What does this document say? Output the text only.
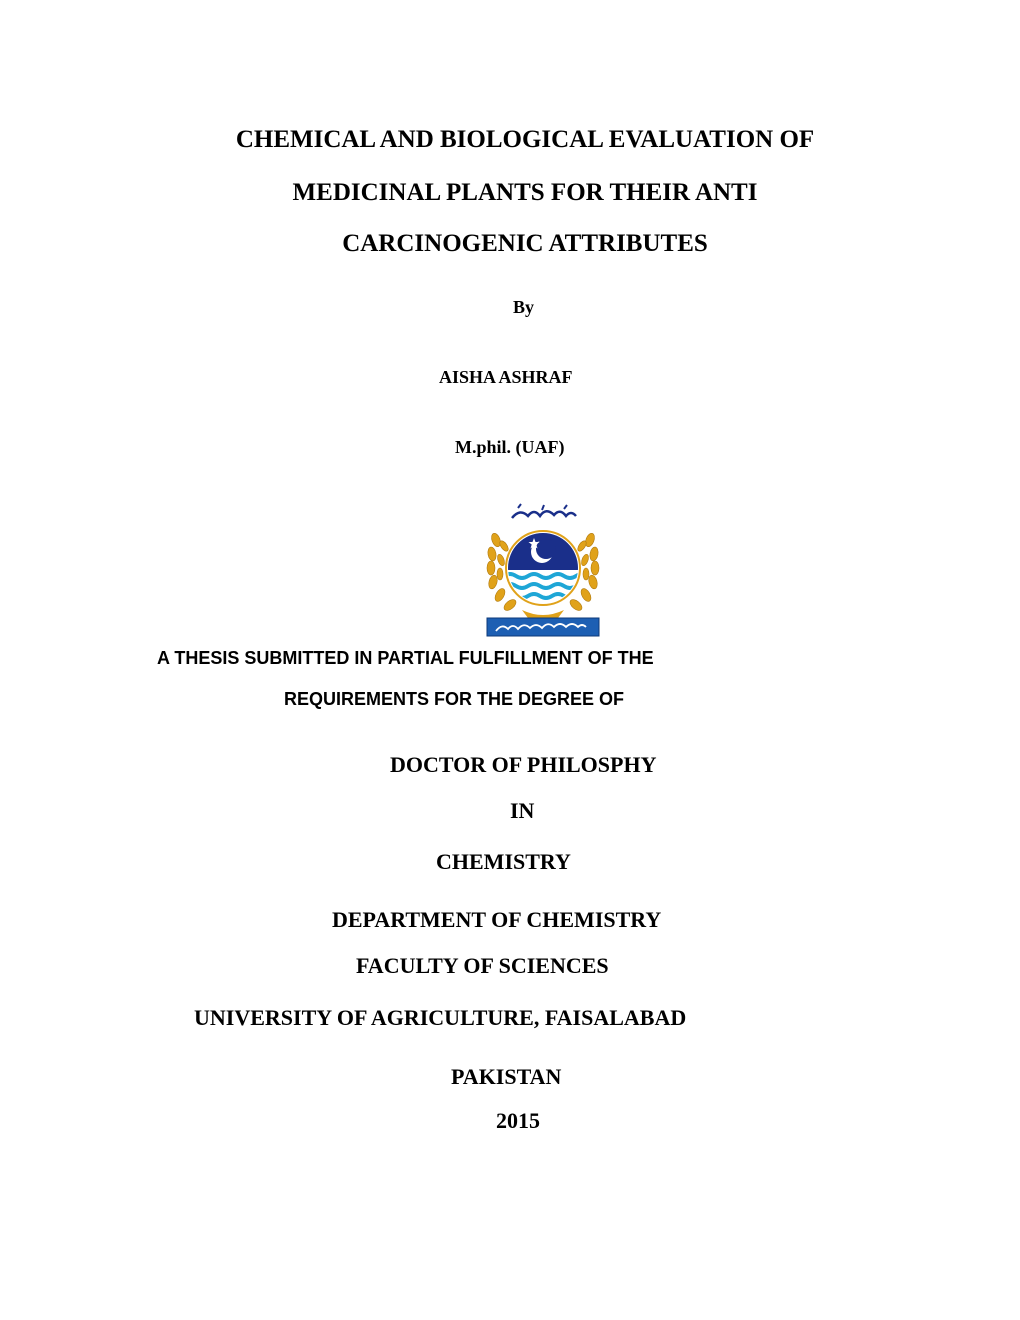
CHEMICAL AND BIOLOGICAL EVALUATION OF
MEDICINAL PLANTS FOR THEIR ANTI
CARCINOGENIC ATTRIBUTES
By
AISHA ASHRAF
M.phil. (UAF)
A THESIS SUBMITTED IN PARTIAL FULFILLMENT OF THE
REQUIREMENTS FOR THE DEGREE OF
DOCTOR OF PHILOSPHY
IN
CHEMISTRY
DEPARTMENT OF CHEMISTRY
FACULTY OF SCIENCES
UNIVERSITY OF AGRICULTURE, FAISALABAD
PAKISTAN
2015
